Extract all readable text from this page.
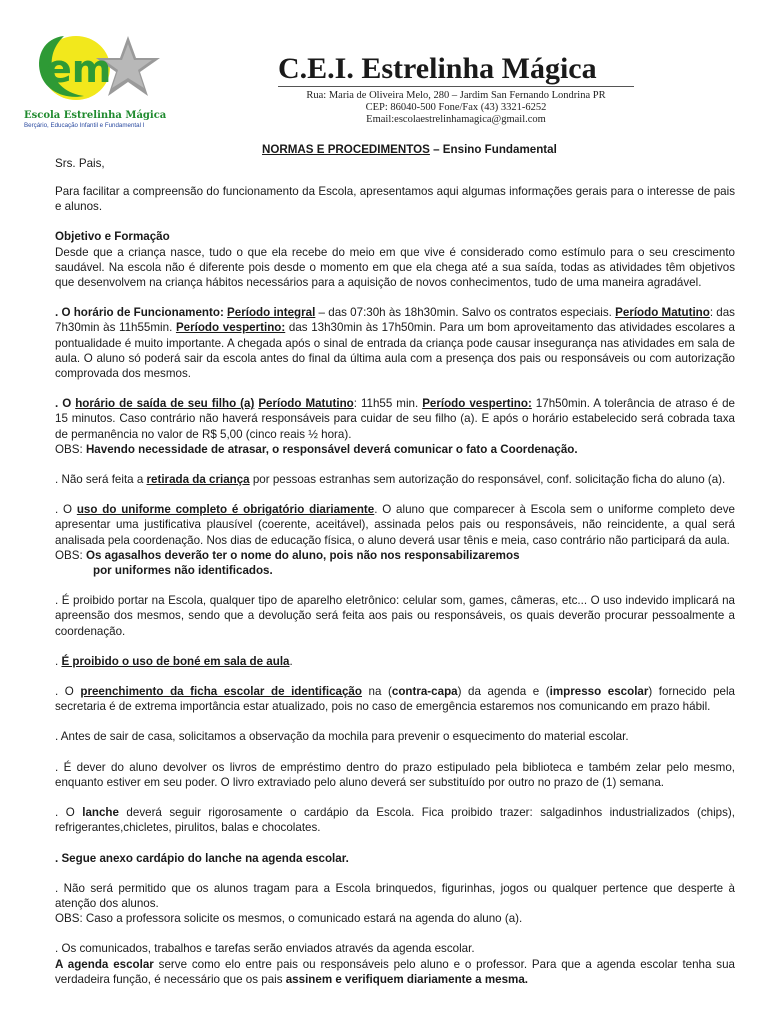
em
Escola Estrelinha Mágica
Berçário, Educação Infantil e Fundamental I
C.E.I. Estrelinha Mágica
Rua: Maria de Oliveira Melo, 280 – Jardim San Fernando Londrina PR
CEP: 86040-500 Fone/Fax (43) 3321-6252
Email:escolaestrelinhamagica@gmail.com
NORMAS E PROCEDIMENTOS – Ensino Fundamental
Srs. Pais,

Para facilitar a compreensão do funcionamento da Escola, apresentamos aqui algumas informações gerais para o interesse de pais e alunos.

Objetivo e Formação

Desde que a criança nasce, tudo o que ela recebe do meio em que vive é considerado como estímulo para o seu crescimento saudável. Na escola não é diferente pois desde o momento em que ela chega até a sua saída, todas as atividades têm objetivos que desenvolvem na criança hábitos necessários para a aquisição de novos conhecimentos, tudo de uma maneira agradável.

. O horário de Funcionamento: Período integral – das 07:30h às 18h30min. Salvo os contratos especiais. Período Matutino: das 7h30min às 11h55min. Período vespertino: das 13h30min às 17h50min. Para um bom aproveitamento das atividades escolares a pontualidade é muito importante. A chegada após o sinal de entrada da criança pode causar insegurança nas atividades em sala de aula. O aluno só poderá sair da escola antes do final da última aula com a presença dos pais ou responsáveis ou com autorização comprovada dos mesmos.

. O horário de saída de seu filho (a) Período Matutino: 11h55 min. Período vespertino: 17h50min. A tolerância de atraso é de 15 minutos. Caso contrário não haverá responsáveis para cuidar de seu filho (a). E após o horário estabelecido será cobrada taxa de permanência no valor de R$ 5,00 (cinco reais ½ hora).

OBS: Havendo necessidade de atrasar, o responsável deverá comunicar o fato a Coordenação.

. Não será feita a retirada da criança por pessoas estranhas sem autorização do responsável, conf. solicitação ficha do aluno (a).

. O uso do uniforme completo é obrigatório diariamente. O aluno que comparecer à Escola sem o uniforme completo deve apresentar uma justificativa plausível (coerente, aceitável), assinada pelos pais ou responsáveis, não reincidente, a qual será analisada pela coordenação. Nos dias de educação física, o aluno deverá usar tênis e meia, caso contrário não participará da aula.

OBS: Os agasalhos deverão ter o nome do aluno, pois não nos responsabilizaremos

por uniformes não identificados.

. É proibido portar na Escola, qualquer tipo de aparelho eletrônico: celular som, games, câmeras, etc... O uso indevido implicará na apreensão dos mesmos, sendo que a devolução será feita aos pais ou responsáveis, os quais deverão procurar pessoalmente a coordenação.

. É proibido o uso de boné em sala de aula.

. O preenchimento da ficha escolar de identificação na (contra-capa) da agenda e (impresso escolar) fornecido pela secretaria é de extrema importância estar atualizado, pois no caso de emergência estaremos nos comunicando em prazo hábil.

. Antes de sair de casa, solicitamos a observação da mochila para prevenir o esquecimento do material escolar.

. É dever do aluno devolver os livros de empréstimo dentro do prazo estipulado pela biblioteca e também zelar pelo mesmo, enquanto estiver em seu poder. O livro extraviado pelo aluno deverá ser substituído por outro no prazo de (1) semana.

. O lanche deverá seguir rigorosamente o cardápio da Escola. Fica proibido trazer: salgadinhos industrializados (chips), refrigerantes,chicletes, pirulitos, balas e chocolates.

. Segue anexo cardápio do lanche na agenda escolar.

. Não será permitido que os alunos tragam para a Escola brinquedos, figurinhas, jogos ou qualquer pertence que desperte à atenção dos alunos.

OBS: Caso a professora solicite os mesmos, o comunicado estará na agenda do aluno (a).

. Os comunicados, trabalhos e tarefas serão enviados através da agenda escolar.

A agenda escolar serve como elo entre pais ou responsáveis pelo aluno e o professor. Para que a agenda escolar tenha sua verdadeira função, é necessário que os pais assinem e verifiquem diariamente a mesma.
